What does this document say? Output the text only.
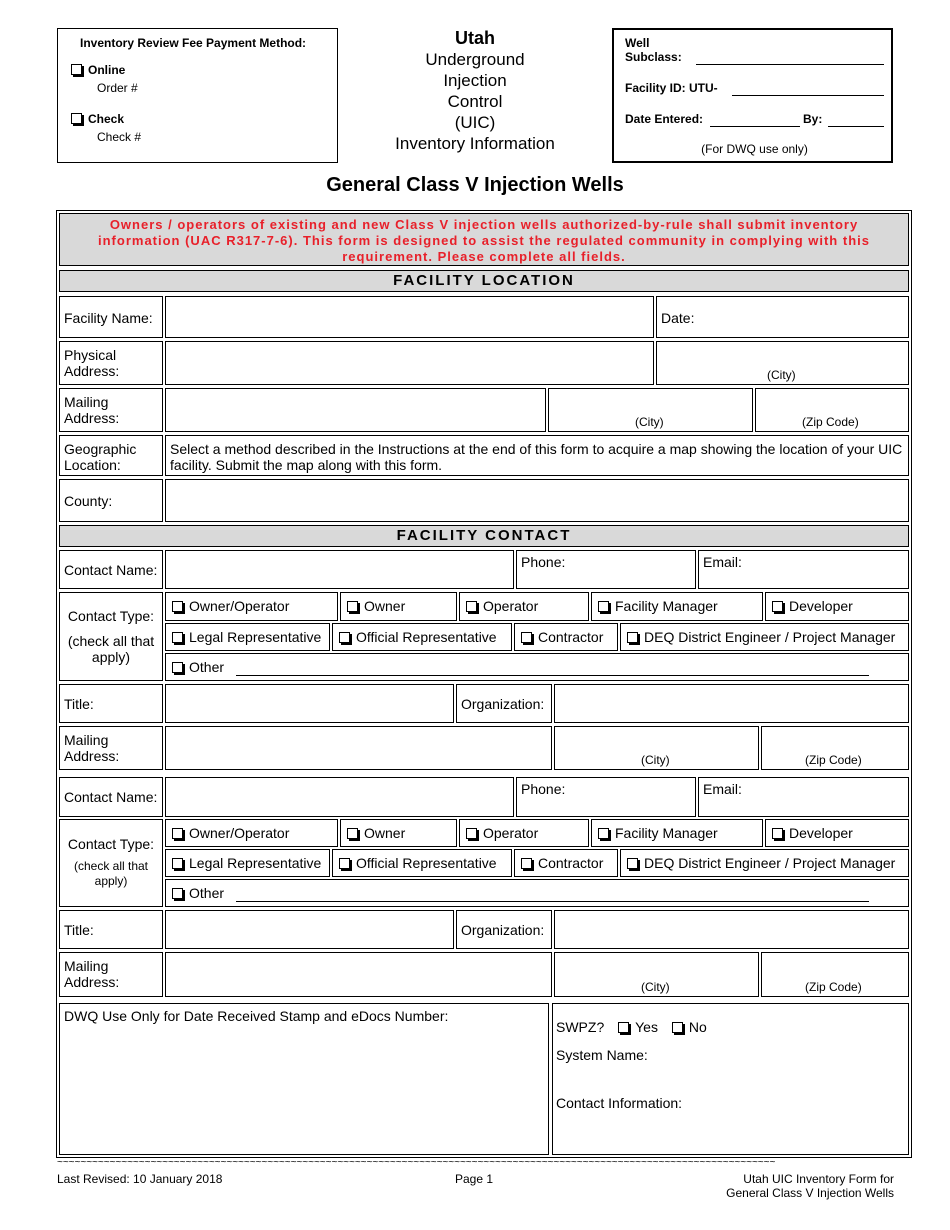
Inventory Review Fee Payment Method:
Online
Order #
Check
Check #
Utah
Underground
Injection
Control
(UIC)
Inventory Information
Well
Subclass:
Facility ID: UTU-
Date Entered:	By:
(For DWQ use only)
General Class V Injection Wells
Owners / operators of existing and new Class V injection wells authorized-by-rule shall submit inventory information (UAC R317-7-6). This form is designed to assist the regulated community in complying with this requirement. Please complete all fields.
FACILITY LOCATION
Facility Name:	Date:
Physical Address:	(City)
Mailing Address:	(City)	(Zip Code)
Geographic Location:
Select a method described in the Instructions at the end of this form to acquire a map showing the location of your UIC facility. Submit the map along with this form.
County:
FACILITY CONTACT
Contact Name:	Phone:	Email:
Contact Type:
(check all that apply)
Owner/Operator	Owner	Operator	Facility Manager	Developer
Legal Representative	Official Representative	Contractor	DEQ District Engineer / Project Manager
Other
Title:	Organization:
Mailing Address:	(City)	(Zip Code)
Contact Name:	Phone:	Email:
Contact Type:
(check all that apply)
Owner/Operator	Owner	Operator	Facility Manager	Developer
Legal Representative	Official Representative	Contractor	DEQ District Engineer / Project Manager
Other
Title:	Organization:
Mailing Address:	(City)	(Zip Code)
DWQ Use Only for Date Received Stamp and eDocs Number:
SWPZ? Yes No
System Name:
Contact Information:
~~~~~~~~~~~~~~~~~~~~~~~~~~~~~~~~~~~~~~~~~~~~~~~~~~~~~~~~~~~~~~~~~~~~~~~~~~~~~~~~~~~~~~~~~~~~~~~~~~~~~~~~~~~~~~~~~~~~~~~~~~~
Last Revised: 10 January 2018	Page 1	Utah UIC Inventory Form for
General Class V Injection Wells
